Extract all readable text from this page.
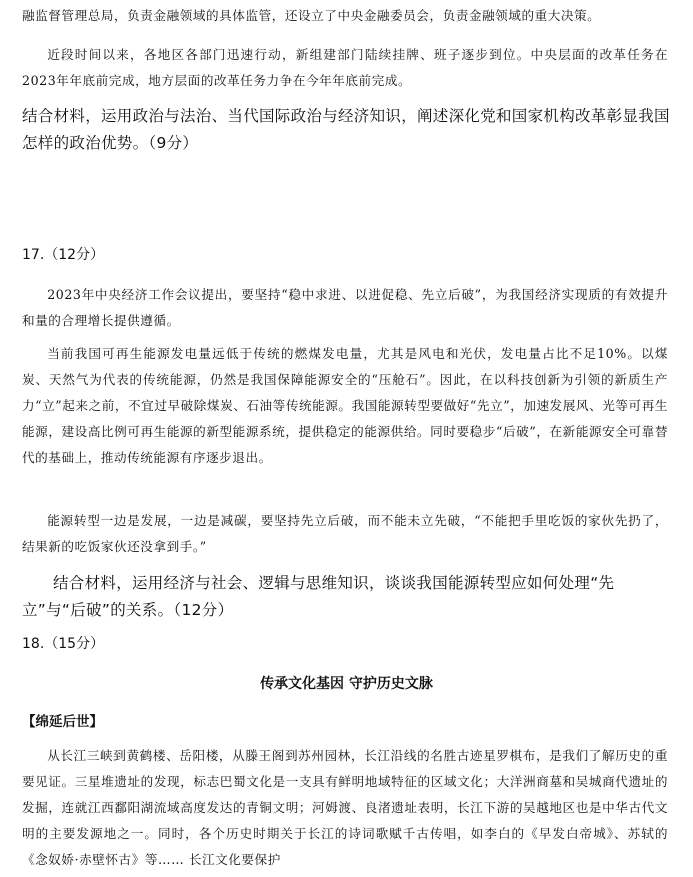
融监督管理总局，负责金融领域的具体监管，还设立了中央金融委员会，负责金融领域的重大决策。

近段时间以来，各地区各部门迅速行动，新组建部门陆续挂牌、班子逐步到位。中央层面的改革任务在2023年年底前完成，地方层面的改革任务力争在今年年底前完成。

结合材料，运用政治与法治、当代国际政治与经济知识，阐述深化党和国家机构改革彰显我国怎样的政治优势。（9分）

17.（12分）

2023年中央经济工作会议提出，要坚持“稳中求进、以进促稳、先立后破”，为我国经济实现质的有效提升和量的合理增长提供遵循。

当前我国可再生能源发电量远低于传统的燃煤发电量，尤其是风电和光伏，发电量占比不足10%。以煤炭、天然气为代表的传统能源，仍然是我国保障能源安全的“压舱石”。因此，在以科技创新为引领的新质生产力“立”起来之前，不宜过早破除煤炭、石油等传统能源。我国能源转型要做好“先立”，加速发展风、光等可再生能源，建设高比例可再生能源的新型能源系统，提供稳定的能源供给。同时要稳步“后破”，在新能源安全可靠替代的基础上，推动传统能源有序逐步退出。

能源转型一边是发展，一边是减碳，要坚持先立后破，而不能未立先破，“不能把手里吃饭的家伙先扔了，结果新的吃饭家伙还没拿到手。”

结合材料，运用经济与社会、逻辑与思维知识，谈谈我国能源转型应如何处理“先立”与“后破”的关系。（12分）

18.（15分）
传承文化基因 守护历史文脉
【绵延后世】

从长江三峡到黄鹤楼、岳阳楼，从滕王阁到苏州园林，长江沿线的名胜古迹星罗棋布，是我们了解历史的重要见证。三星堆遗址的发现，标志巴蜀文化是一支具有鲜明地域特征的区域文化；大洋洲商墓和吴城商代遗址的发掘，连就江西鄱阳湖流域高度发达的青铜文明；河姆渡、良渚遗址表明，长江下游的吴越地区也是中华古代文明的主要发源地之一。同时，各个历史时期关于长江的诗词歌赋千古传唱，如李白的《早发白帝城》、苏轼的《念奴娇·赤壁怀古》等…… 长江文化要保护
